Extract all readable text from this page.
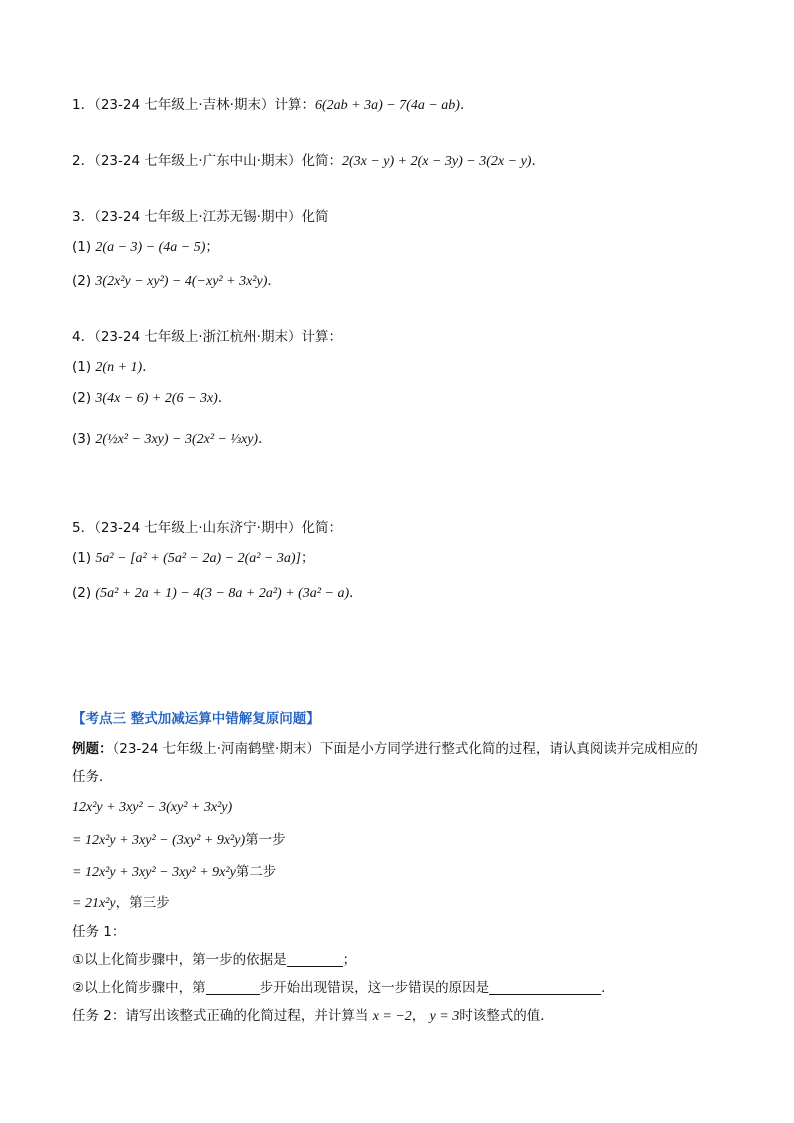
1．（23-24 七年级上·吉林·期末）计算：6(2ab + 3a) − 7(4a − ab)．
2．（23-24 七年级上·广东中山·期末）化简：2(3x − y) + 2(x − 3y) − 3(2x − y)．
3．（23-24 七年级上·江苏无锡·期中）化简
(1) 2(a − 3) − (4a − 5)；
(2) 3(2x²y − xy²) − 4(−xy² + 3x²y)．
4．（23-24 七年级上·浙江杭州·期末）计算：
(1) 2(n + 1)．
(2) 3(4x − 6) + 2(6 − 3x)．
(3) 2(½x² − 3xy) − 3(2x² − ⅓xy)．
5．（23-24 七年级上·山东济宁·期中）化简：
(1) 5a² − [a² + (5a² − 2a) − 2(a² − 3a)]；
(2) (5a² + 2a + 1) − 4(3 − 8a + 2a²) + (3a² − a)．
【考点三 整式加减运算中错解复原问题】
例题：（23-24 七年级上·河南鹤壁·期末）下面是小方同学进行整式化简的过程，请认真阅读并完成相应的
任务．
12x²y + 3xy² − 3(xy² + 3x²y)
= 12x²y + 3xy² − (3xy² + 9x²y)第一步
= 12x²y + 3xy² − 3xy² + 9x²y第二步
= 21x²y，第三步
任务 1：
①以上化简步骤中，第一步的依据是	；
②以上化简步骤中，第	步开始出现错误，这一步错误的原因是	．
任务 2：请写出该整式正确的化简过程，并计算当 x = −2， y = 3时该整式的值．
